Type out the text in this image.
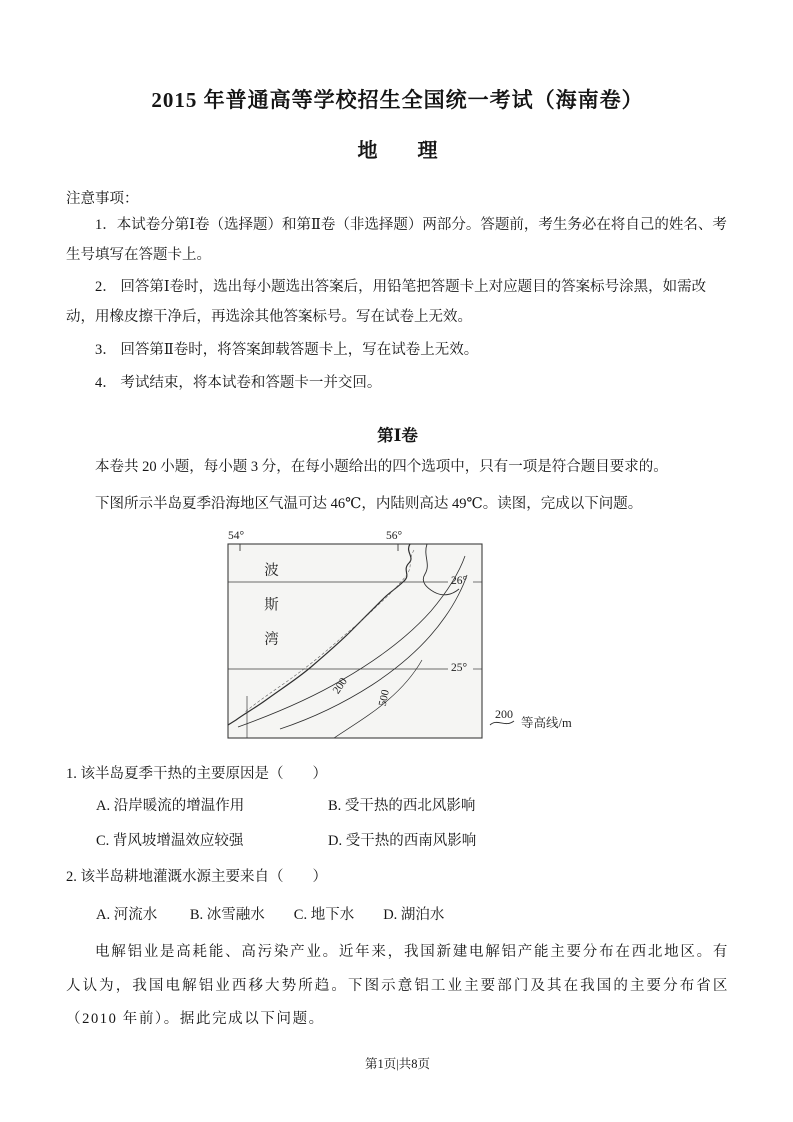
2015 年普通高等学校招生全国统一考试（海南卷）
地　　理
注意事项：

1．本试卷分第Ⅰ卷（选择题）和第Ⅱ卷（非选择题）两部分。答题前，考生务必在将自己的姓名、考生号填写在答题卡上。

2． 回答第Ⅰ卷时，选出每小题选出答案后，用铅笔把答题卡上对应题目的答案标号涂黑，如需改动，用橡皮擦干净后，再选涂其他答案标号。写在试卷上无效。

3． 回答第Ⅱ卷时，将答案卸载答题卡上，写在试卷上无效。

4． 考试结束，将本试卷和答题卡一并交回。

第Ⅰ卷

本卷共 20 小题，每小题 3 分，在每小题给出的四个选项中，只有一项是符合题目要求的。

下图所示半岛夏季沿海地区气温可达 46℃，内陆则高达 49℃。读图，完成以下问题。

54°	56°
26°
25°
波斯湾
200
500
200
等高线/m

1. 该半岛夏季干热的主要原因是（　　）

A. 沿岸暖流的增温作用	B. 受干热的西北风影响
C. 背风坡增温效应较强	D. 受干热的西南风影响

2. 该半岛耕地灌溉水源主要来自（　　）

A. 河流水　　 B. 冰雪融水　　C. 地下水　　D. 湖泊水

电解铝业是高耗能、高污染产业。近年来，我国新建电解铝产能主要分布在西北地区。有人认为，我国电解铝业西移大势所趋。下图示意铝工业主要部门及其在我国的主要分布省区（2010 年前）。据此完成以下问题。

第1页|共8页
